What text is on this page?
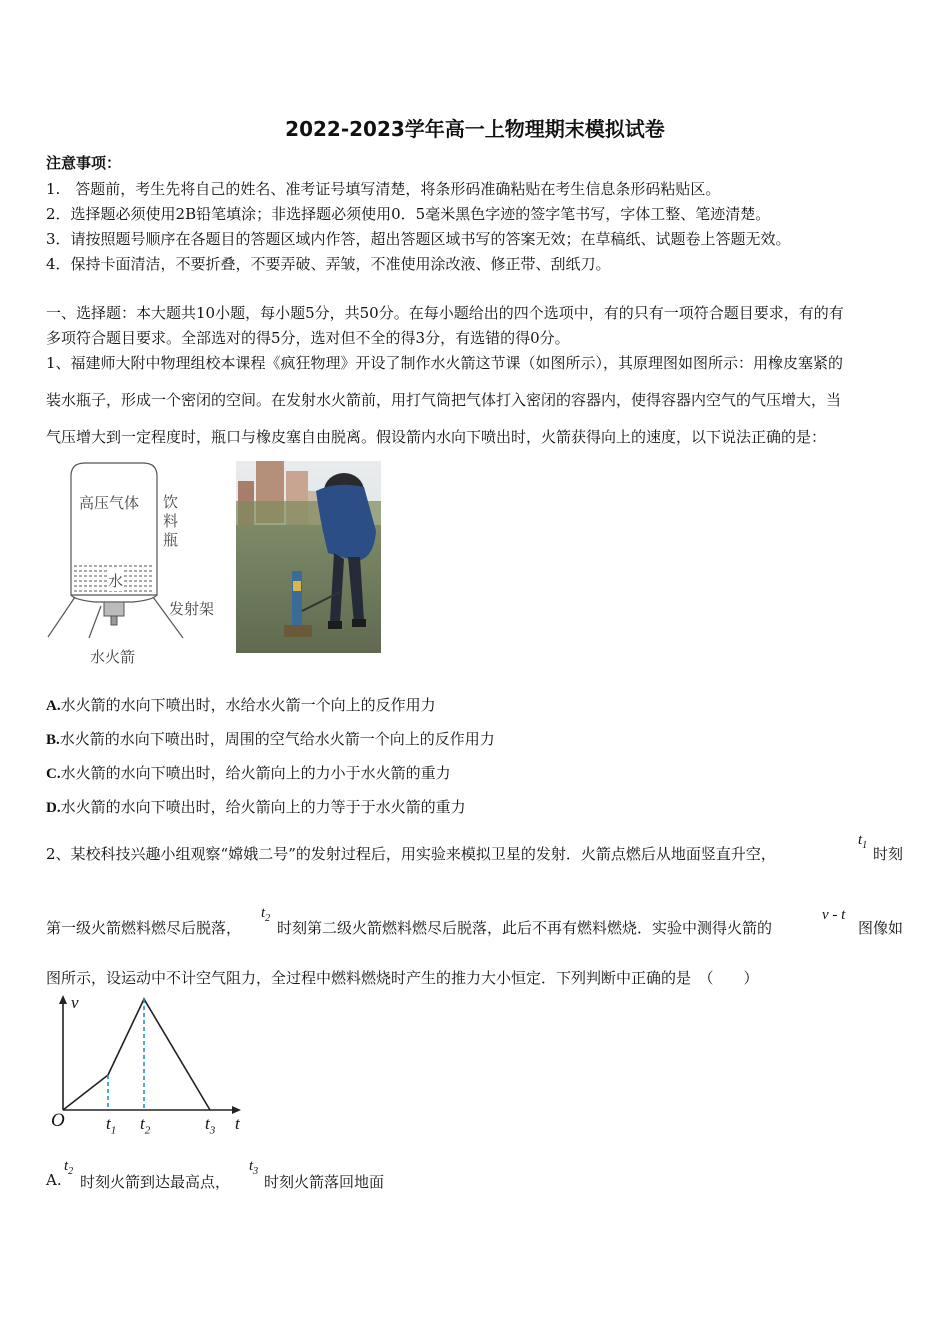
2022-2023学年高一上物理期末模拟试卷
注意事项：
1.　答题前，考生先将自己的姓名、准考证号填写清楚，将条形码准确粘贴在考生信息条形码粘贴区。
2．选择题必须使用2B铅笔填涂；非选择题必须使用0．5毫米黑色字迹的签字笔书写，字体工整、笔迹清楚。
3．请按照题号顺序在各题目的答题区域内作答，超出答题区域书写的答案无效；在草稿纸、试题卷上答题无效。
4．保持卡面清洁，不要折叠，不要弄破、弄皱，不准使用涂改液、修正带、刮纸刀。
一、选择题：本大题共10小题，每小题5分，共50分。在每小题给出的四个选项中，有的只有一项符合题目要求，有的有
多项符合题目要求。全部选对的得5分，选对但不全的得3分，有选错的得0分。
1、福建师大附中物理组校本课程《疯狂物理》开设了制作水火箭这节课（如图所示），其原理图如图所示：用橡皮塞紧的
装水瓶子，形成一个密闭的空间。在发射水火箭前，用打气筒把气体打入密闭的容器内，使得容器内空气的气压增大，当
气压增大到一定程度时，瓶口与橡皮塞自由脱离。假设箭内水向下喷出时，火箭获得向上的速度，以下说法正确的是：
高压气体 饮
料
瓶
水
发射架
水火箭
A.水火箭的水向下喷出时，水给水火箭一个向上的反作用力
B.水火箭的水向下喷出时，周围的空气给水火箭一个向上的反作用力
C.水火箭的水向下喷出时，给火箭向上的力小于水火箭的重力
D.水火箭的水向下喷出时，给火箭向上的力等于于水火箭的重力
2、某校科技兴趣小组观察“嫦娥二号”的发射过程后，用实验来模拟卫星的发射．火箭点燃后从地面竖直升空，
$t_1$ 时刻
第一级火箭燃料燃尽后脱落，
$t_2$
时刻第二级火箭燃料燃尽后脱落，此后不再有燃料燃烧．实验中测得火箭的
v - t
图像如
图所示，设运动中不计空气阻力，全过程中燃料燃烧时产生的推力大小恒定．下列判断中正确的是　（　　）
v
O $t_1$ $t_2$	$t_3$ t
A.
$t_2$
时刻火箭到达最高点，
$t_3$
时刻火箭落回地面
